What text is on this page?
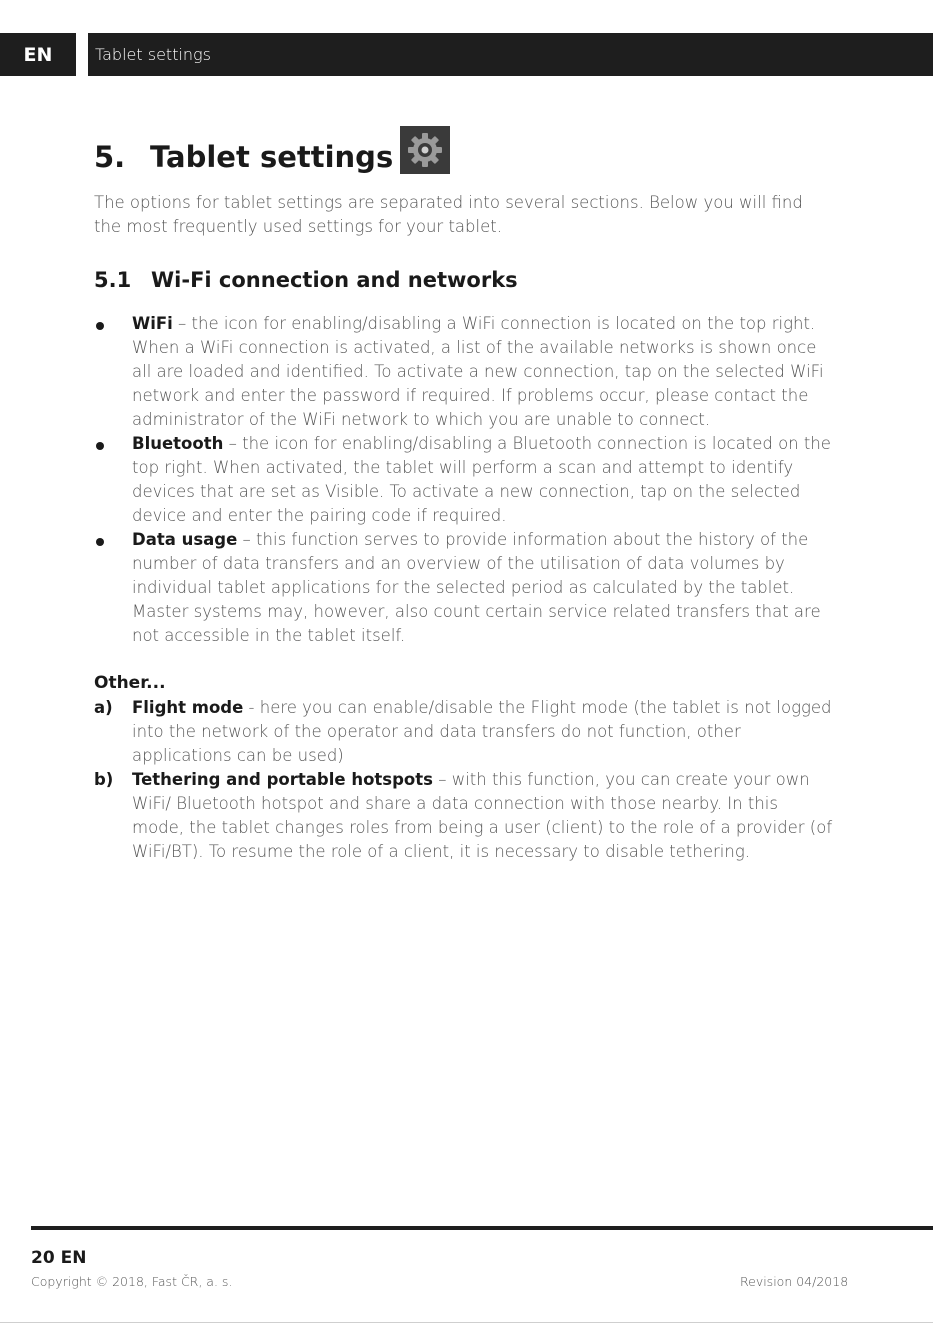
EN	Tablet settings
5. Tablet settings

The options for tablet settings are separated into several sections. Below you will find the most frequently used settings for your tablet.

5.1 Wi-Fi connection and networks
WiFi – the icon for enabling/disabling a WiFi connection is located on the top right. When a WiFi connection is activated, a list of the available networks is shown once all are loaded and identified. To activate a new connection, tap on the selected WiFi network and enter the password if required. If problems occur, please contact the administrator of the WiFi network to which you are unable to connect.
Bluetooth – the icon for enabling/disabling a Bluetooth connection is located on the top right. When activated, the tablet will perform a scan and attempt to identify devices that are set as Visible. To activate a new connection, tap on the selected device and enter the pairing code if required.
Data usage – this function serves to provide information about the history of the number of data transfers and an overview of the utilisation of data volumes by individual tablet applications for the selected period as calculated by the tablet. Master systems may, however, also count certain service related transfers that are not accessible in the tablet itself.
Other...
a) Flight mode - here you can enable/disable the Flight mode (the tablet is not logged into the network of the operator and data transfers do not function, other applications can be used)
b) Tethering and portable hotspots – with this function, you can create your own WiFi/ Bluetooth hotspot and share a data connection with those nearby. In this mode, the tablet changes roles from being a user (client) to the role of a provider (of WiFi/BT). To resume the role of a client, it is necessary to disable tethering.
20 EN
Copyright © 2018, Fast ČR, a. s.	Revision 04/2018
